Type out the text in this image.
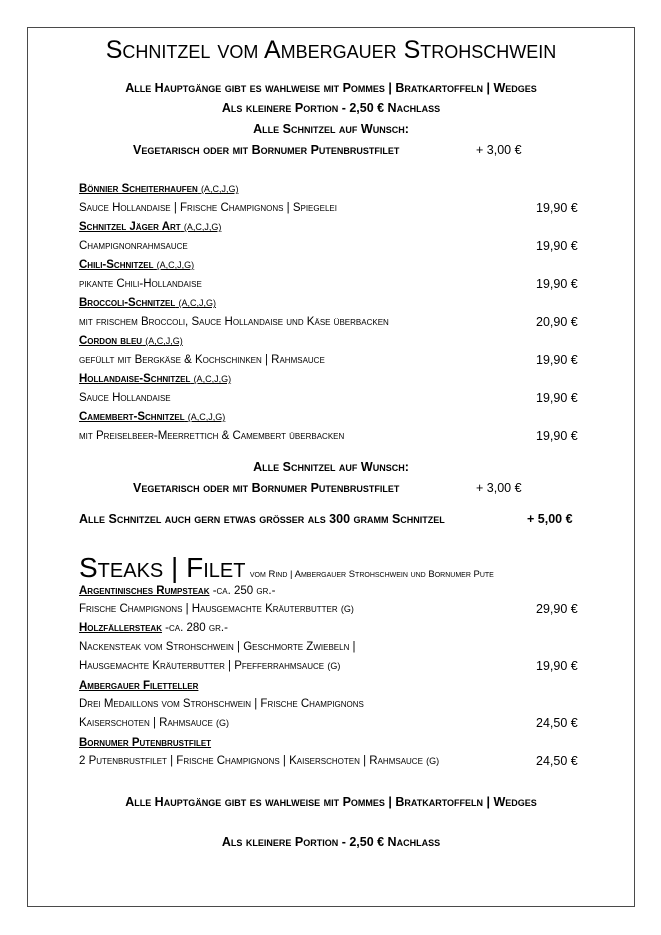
Schnitzel vom Ambergauer Strohschwein
Alle Hauptgänge gibt es wahlweise mit Pommes | Bratkartoffeln | Wedges
Als kleinere Portion - 2,50 € Nachlass
Alle Schnitzel auf Wunsch:
Vegetarisch oder mit Bornumer Putenbrustfilet	+ 3,00 €
Bönnier Scheiterhaufen (A,C,J,G)
Sauce Hollandaise | Frische Champignons | Spiegelei	19,90 €
Schnitzel Jäger Art (A,C,J,G)
Champignonrahmsauce	19,90 €
Chili-Schnitzel (A,C,J,G)
pikante Chili-Hollandaise	19,90 €
Broccoli-Schnitzel (A,C,J,G)
mit frischem Broccoli, Sauce Hollandaise und Käse überbacken	20,90 €
Cordon bleu (A,C,J,G)
gefüllt mit Bergkäse & Kochschinken | Rahmsauce	19,90 €
Hollandaise-Schnitzel (A,C,J,G)
Sauce Hollandaise	19,90 €
Camembert-Schnitzel (A,C,J,G)
mit Preiselbeer-Meerrettich & Camembert überbacken	19,90 €
Alle Schnitzel auf Wunsch:
Vegetarisch oder mit Bornumer Putenbrustfilet	+ 3,00 €
Alle Schnitzel auch gern etwas größer als 300 gramm Schnitzel	+ 5,00 €
Steaks | Filet vom Rind | Ambergauer Strohschwein und Bornumer Pute
Argentinisches Rumpsteak -ca. 250 gr.-
Frische Champignons | Hausgemachte Kräuterbutter (G)	29,90 €
Holzfällersteak -ca. 280 gr.-
Nackensteak vom Strohschwein | Geschmorte Zwiebeln |
Hausgemachte Kräuterbutter | Pfefferrahmsauce (G)	19,90 €
Ambergauer Filetteller
Drei Medaillons vom Strohschwein | Frische Champignons
Kaiserschoten | Rahmsauce (G)	24,50 €
Bornumer Putenbrustfilet
2 Putenbrustfilet | Frische Champignons | Kaiserschoten | Rahmsauce (G)	24,50 €
Alle Hauptgänge gibt es wahlweise mit Pommes | Bratkartoffeln | Wedges
Als kleinere Portion - 2,50 € Nachlass
